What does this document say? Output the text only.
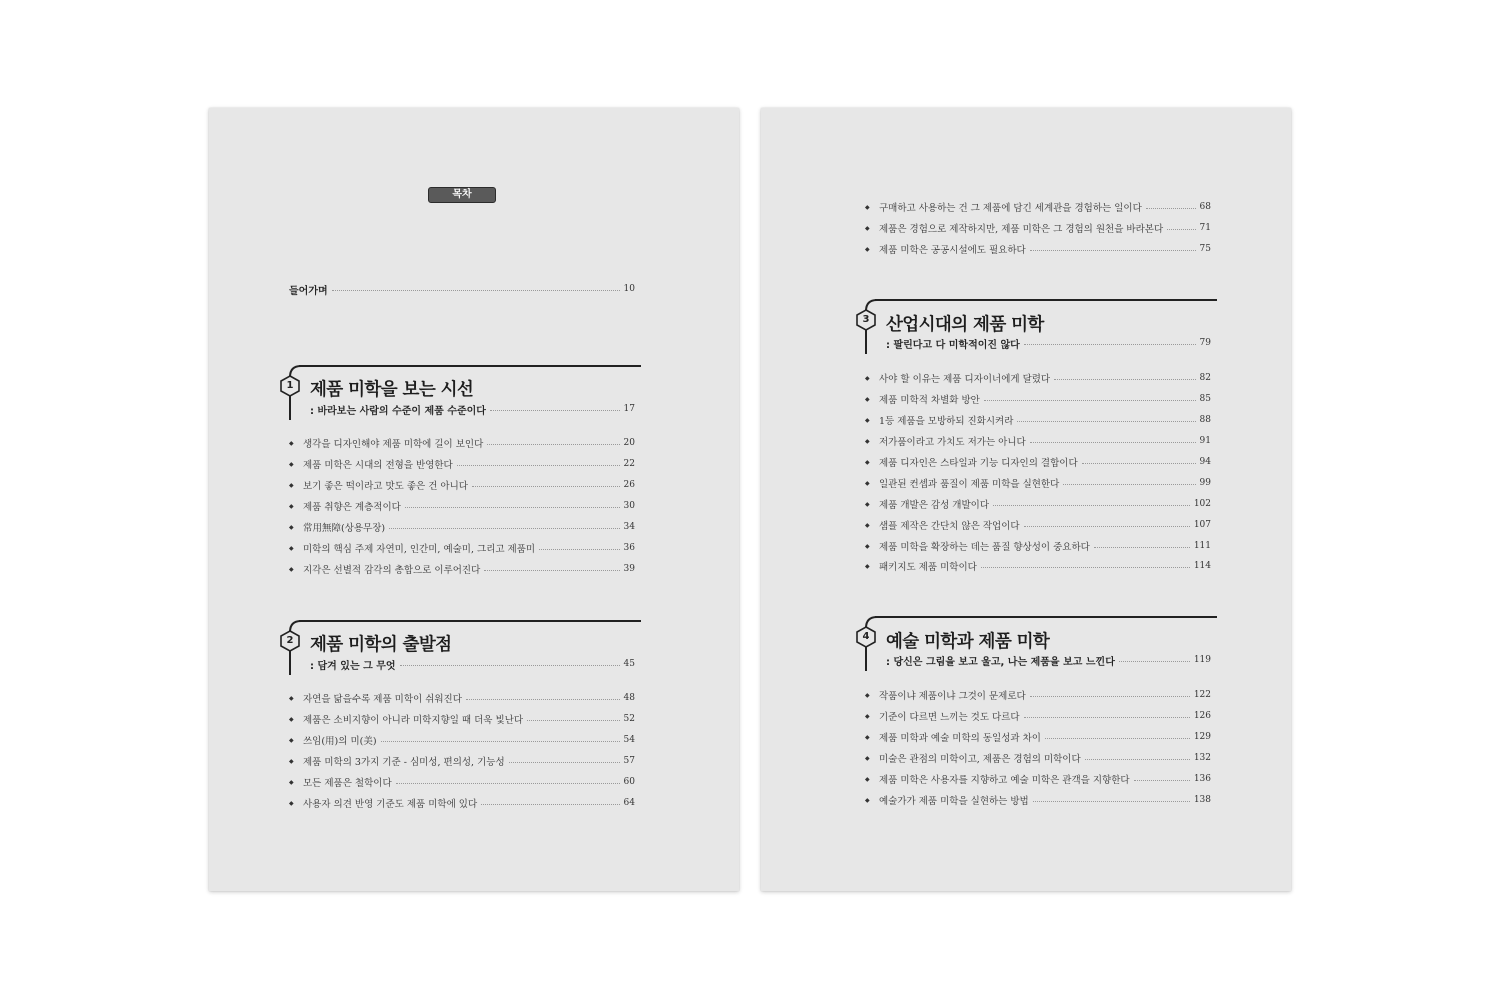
목차
들어가며	10
1 제품 미학을 보는 시선
: 바라보는 사람의 수준이 제품 수준이다	17
◆ 생각을 디자인해야 제품 미학에 길이 보인다	20
◆ 제품 미학은 시대의 전형을 반영한다	22
◆ 보기 좋은 떡이라고 맛도 좋은 건 아니다	26
◆ 제품 취향은 계층적이다	30
◆ 常用無障(상용무장)	34
◆ 미학의 핵심 주제 자연미, 인간미, 예술미, 그리고 제품미	36
◆ 지각은 선별적 감각의 총합으로 이루어진다	39
2 제품 미학의 출발점
: 담겨 있는 그 무엇	45
◆ 자연을 닮을수록 제품 미학이 쉬워진다	48
◆ 제품은 소비지향이 아니라 미학지향일 때 더욱 빛난다	52
◆ 쓰임(用)의 미(美)	54
◆ 제품 미학의 3가지 기준 - 심미성, 편의성, 기능성	57
◆ 모든 제품은 철학이다	60
◆ 사용자 의견 반영 기준도 제품 미학에 있다	64
◆ 구매하고 사용하는 건 그 제품에 담긴 세계관을 경험하는 일이다	68
◆ 제품은 경험으로 제작하지만, 제품 미학은 그 경험의 원천을 바라본다	71
◆ 제품 미학은 공공시설에도 필요하다	75
3 산업시대의 제품 미학
: 팔린다고 다 미학적이진 않다	79
◆ 사야 할 이유는 제품 디자이너에게 달렸다	82
◆ 제품 미학적 차별화 방안	85
◆ 1등 제품을 모방하되 진화시켜라	88
◆ 저가품이라고 가치도 저가는 아니다	91
◆ 제품 디자인은 스타일과 기능 디자인의 결합이다	94
◆ 일관된 컨셉과 품질이 제품 미학을 실현한다	99
◆ 제품 개발은 감성 개발이다	102
◆ 샘플 제작은 간단치 않은 작업이다	107
◆ 제품 미학을 확장하는 데는 품질 향상성이 중요하다	111
◆ 패키지도 제품 미학이다	114
4 예술 미학과 제품 미학
: 당신은 그림을 보고 울고, 나는 제품을 보고 느낀다	119
◆ 작품이냐 제품이냐 그것이 문제로다	122
◆ 기준이 다르면 느끼는 것도 다르다	126
◆ 제품 미학과 예술 미학의 동일성과 차이	129
◆ 미술은 관점의 미학이고, 제품은 경험의 미학이다	132
◆ 제품 미학은 사용자를 지향하고 예술 미학은 관객을 지향한다	136
◆ 예술가가 제품 미학을 실현하는 방법	138
